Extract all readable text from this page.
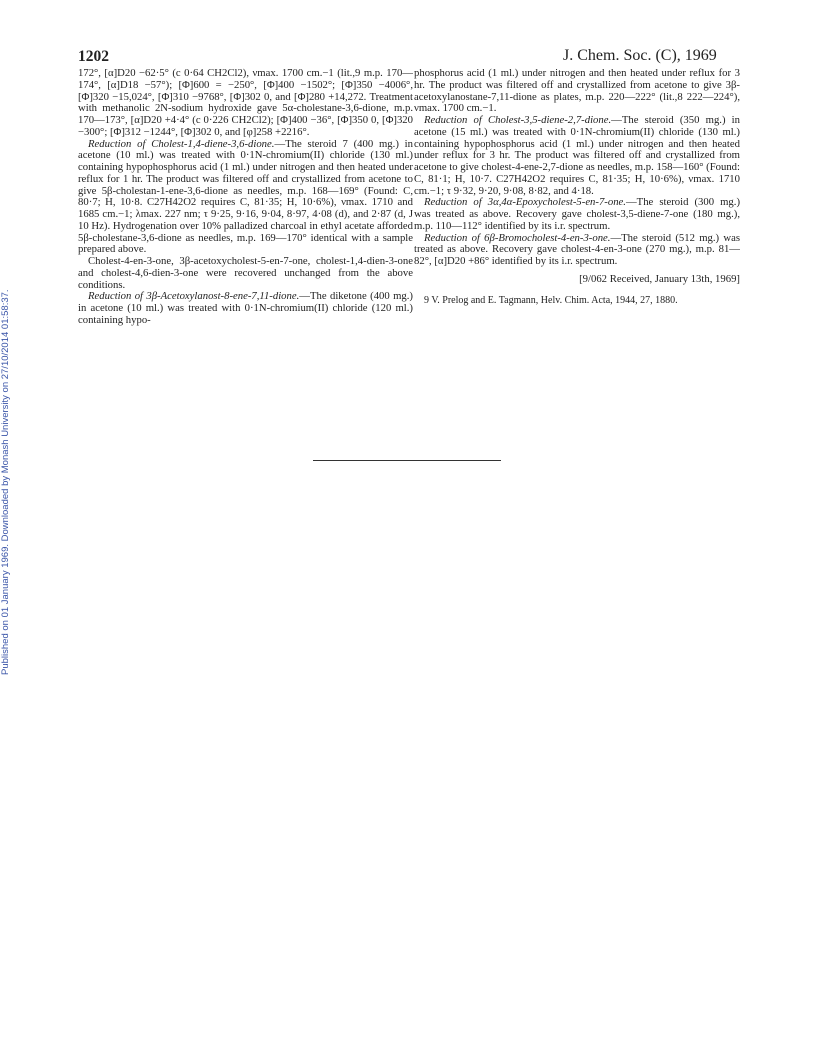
Published on 01 January 1969. Downloaded by Monash University on 27/10/2014 01:58:37.
1202	J. Chem. Soc. (C), 1969

172°, [α]D20 −62·5° (c 0·64 CH2Cl2), νmax. 1700 cm.−1 (lit.,9 m.p. 170—174°, [α]D18 −57°); [Φ]600 = −250°, [Φ]400 −1502°; [Φ]350 −4006°, [Φ]320 −15,024°, [Φ]310 −9768°, [Φ]302 0, and [Φ]280 +14,272. Treatment with methanolic 2N-sodium hydroxide gave 5α-cholestane-3,6-dione, m.p. 170—173°, [α]D20 +4·4° (c 0·226 CH2Cl2); [Φ]400 −36°, [Φ]350 0, [Φ]320 −300°; [Φ]312 −1244°, [Φ]302 0, and [φ]258 +2216°.

Reduction of Cholest-1,4-diene-3,6-dione.—The steroid 7 (400 mg.) in acetone (10 ml.) was treated with 0·1N-chromium(II) chloride (130 ml.) containing hypophosphorus acid (1 ml.) under nitrogen and then heated under reflux for 1 hr. The product was filtered off and crystallized from acetone to give 5β-cholestan-1-ene-3,6-dione as needles, m.p. 168—169° (Found: C, 80·7; H, 10·8. C27H42O2 requires C, 81·35; H, 10·6%), νmax. 1710 and 1685 cm.−1; λmax. 227 nm; τ 9·25, 9·16, 9·04, 8·97, 4·08 (d), and 2·87 (d, J 10 Hz). Hydrogenation over 10% palladized charcoal in ethyl acetate afforded 5β-cholestane-3,6-dione as needles, m.p. 169—170° identical with a sample prepared above.

Cholest-4-en-3-one, 3β-acetoxycholest-5-en-7-one, cholest-1,4-dien-3-one and cholest-4,6-dien-3-one were recovered unchanged from the above conditions.

Reduction of 3β-Acetoxylanost-8-ene-7,11-dione.—The diketone (400 mg.) in acetone (10 ml.) was treated with 0·1N-chromium(II) chloride (120 ml.) containing hypo-

phosphorus acid (1 ml.) under nitrogen and then heated under reflux for 3 hr. The product was filtered off and crystallized from acetone to give 3β-acetoxylanostane-7,11-dione as plates, m.p. 220—222° (lit.,8 222—224°), νmax. 1700 cm.−1.

Reduction of Cholest-3,5-diene-2,7-dione.—The steroid (350 mg.) in acetone (15 ml.) was treated with 0·1N-chromium(II) chloride (130 ml.) containing hypophosphorus acid (1 ml.) under nitrogen and then heated under reflux for 3 hr. The product was filtered off and crystallized from acetone to give cholest-4-ene-2,7-dione as needles, m.p. 158—160° (Found: C, 81·1; H, 10·7. C27H42O2 requires C, 81·35; H, 10·6%), νmax. 1710 cm.−1; τ 9·32, 9·20, 9·08, 8·82, and 4·18.

Reduction of 3α,4α-Epoxycholest-5-en-7-one.—The steroid (300 mg.) was treated as above. Recovery gave cholest-3,5-diene-7-one (180 mg.), m.p. 110—112° identified by its i.r. spectrum.

Reduction of 6β-Bromocholest-4-en-3-one.—The steroid (512 mg.) was treated as above. Recovery gave cholest-4-en-3-one (270 mg.), m.p. 81—82°, [α]D20 +86° identified by its i.r. spectrum.

[9/062 Received, January 13th, 1969]

9 V. Prelog and E. Tagmann, Helv. Chim. Acta, 1944, 27, 1880.
